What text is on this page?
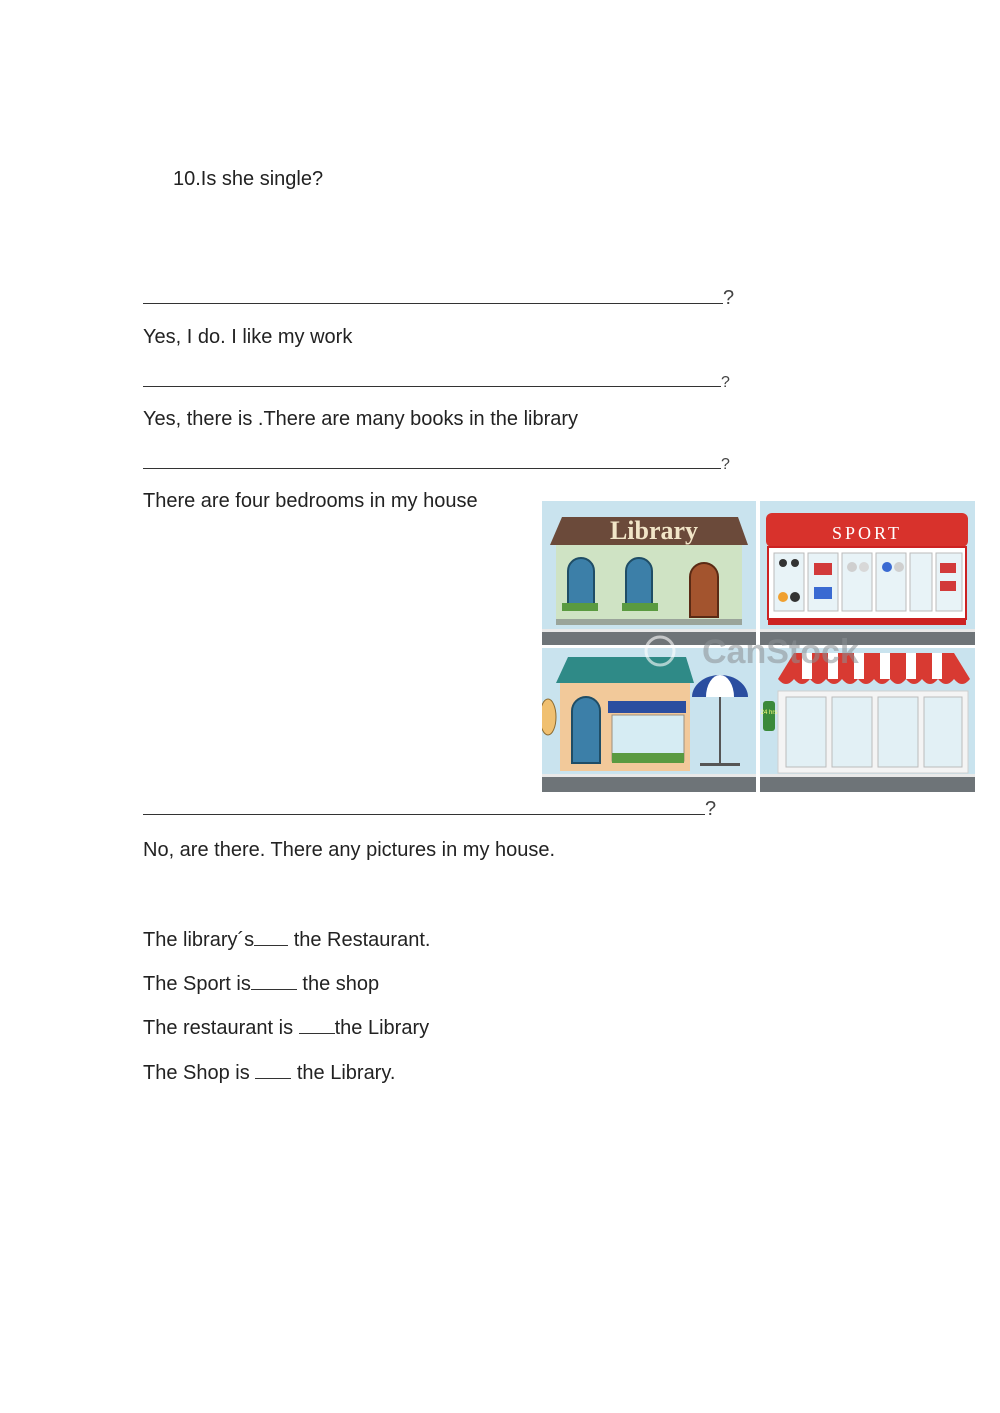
10.Is she single?
?
Yes, I do. I like my work
?
Yes, there is .There are many books in the library
?
There are four bedrooms in my house
Library	SPORT
24 hrs
CanStock
?
No, are there. There any pictures in my house.
The library´s the Restaurant.
The Sport is the shop
The restaurant is the Library
The Shop is  the Library.
